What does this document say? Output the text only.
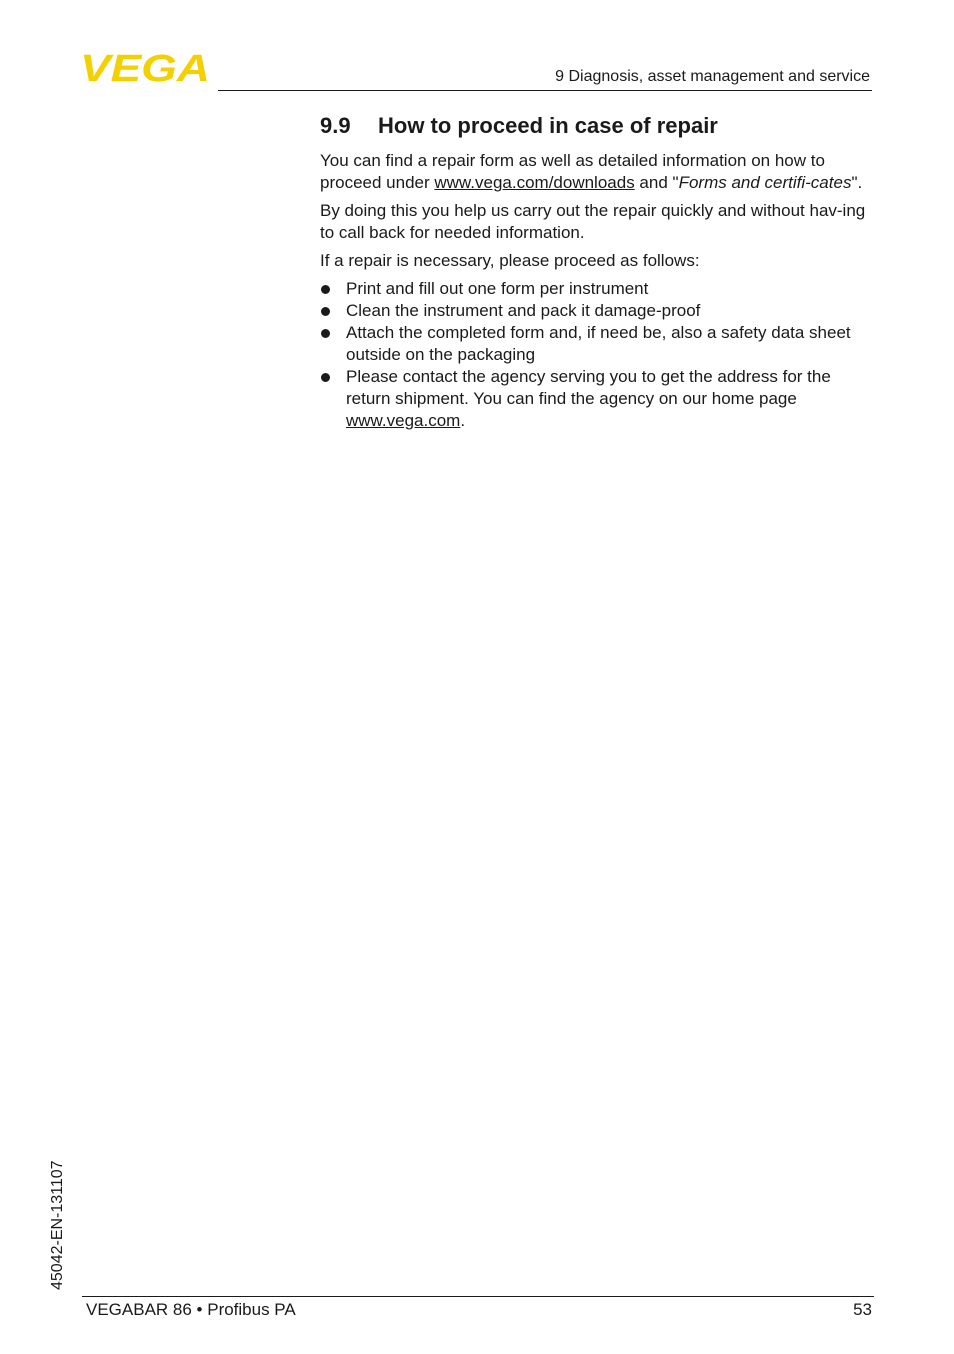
VEGA	9 Diagnosis, asset management and service
9.9 How to proceed in case of repair

You can find a repair form as well as detailed information on how to proceed under www.vega.com/downloads and "Forms and certifi-cates".

By doing this you help us carry out the repair quickly and without hav-ing to call back for needed information.

If a repair is necessary, please proceed as follows:

Print and fill out one form per instrument
Clean the instrument and pack it damage-proof
Attach the completed form and, if need be, also a safety data sheet outside on the packaging
Please contact the agency serving you to get the address for the return shipment. You can find the agency on our home page www.vega.com.
45042-EN-131107
VEGABAR 86 • Profibus PA	53
